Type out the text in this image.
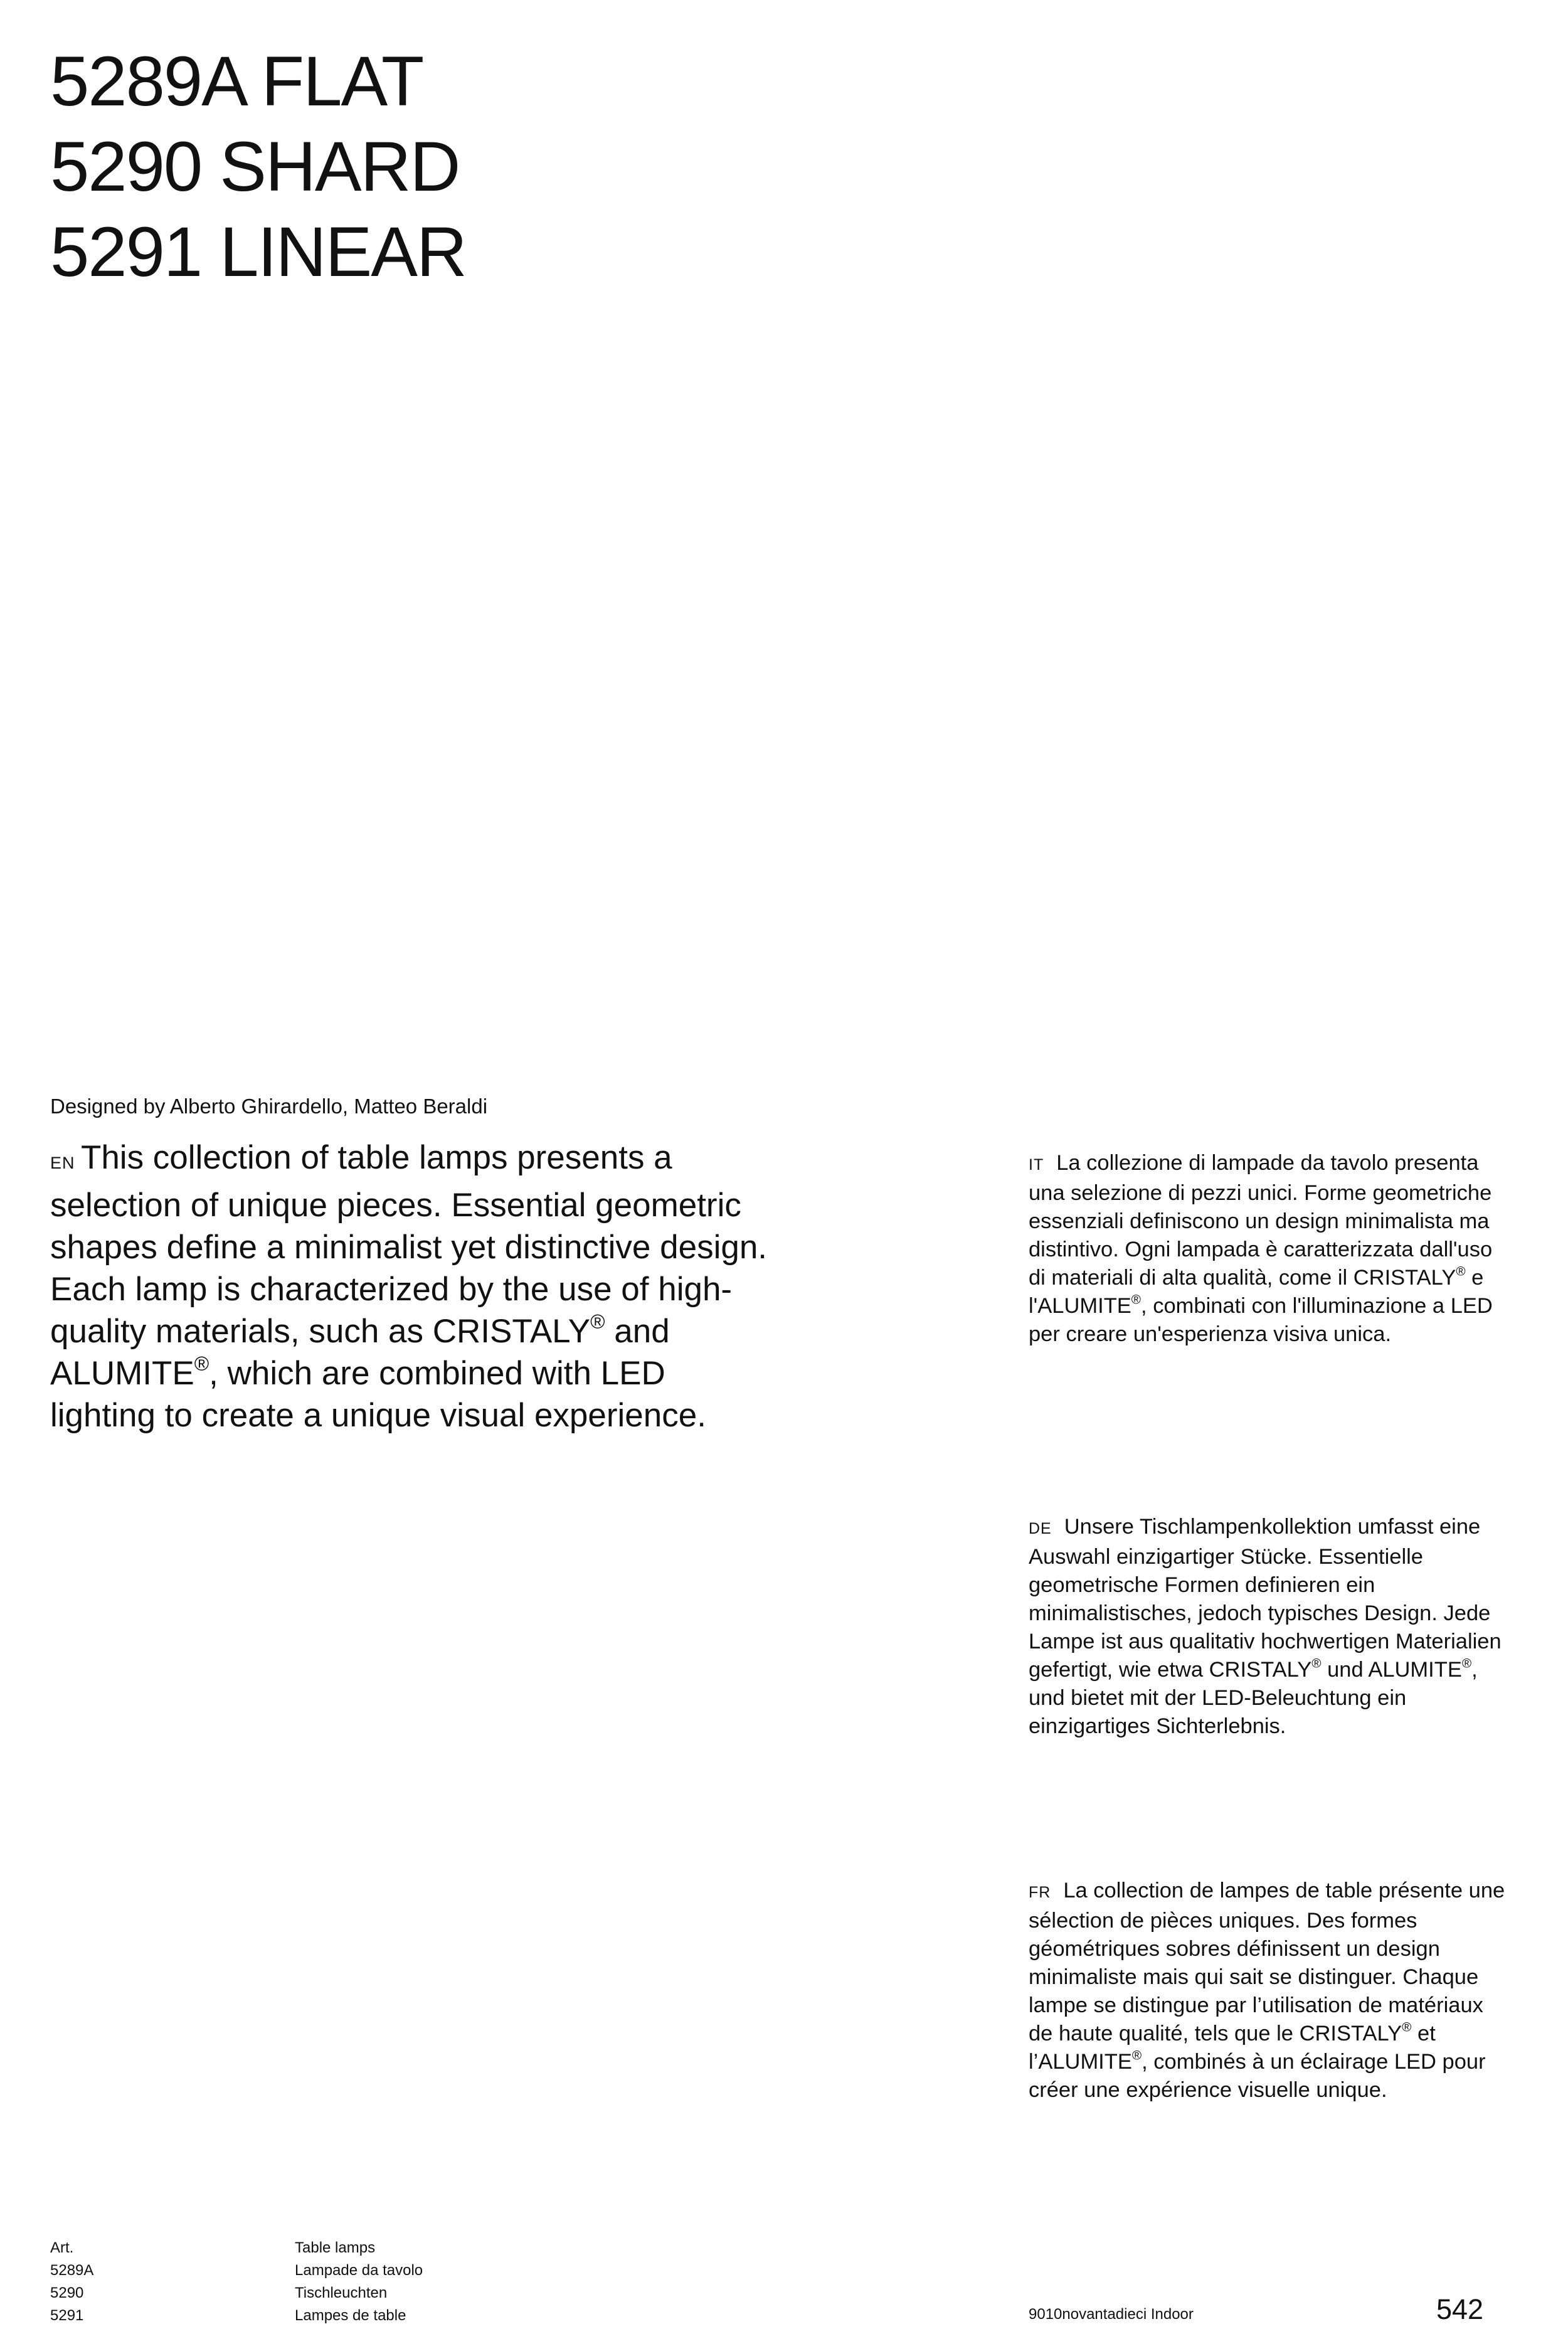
5289A FLAT
5290 SHARD
5291 LINEAR
Designed by Alberto Ghirardello, Matteo Beraldi
EN This collection of table lamps presents a selection of unique pieces. Essential geometric shapes define a minimalist yet distinctive design. Each lamp is characterized by the use of high-quality materials, such as CRISTALY® and ALUMITE®, which are combined with LED lighting to create a unique visual experience.
IT La collezione di lampade da tavolo presenta una selezione di pezzi unici. Forme geometriche essenziali definiscono un design minimalista ma distintivo. Ogni lampada è caratterizzata dall'uso di materiali di alta qualità, come il CRISTALY® e l'ALUMITE®, combinati con l'illuminazione a LED per creare un'esperienza visiva unica.
DE Unsere Tischlampenkollektion umfasst eine Auswahl einzigartiger Stücke. Essentielle geometrische Formen definieren ein minimalistisches, jedoch typisches Design. Jede Lampe ist aus qualitativ hochwertigen Materialien gefertigt, wie etwa CRISTALY® und ALUMITE®, und bietet mit der LED-Beleuchtung ein einzigartiges Sichterlebnis.
FR La collection de lampes de table présente une sélection de pièces uniques. Des formes géométriques sobres définissent un design minimaliste mais qui sait se distinguer. Chaque lampe se distingue par l’utilisation de matériaux de haute qualité, tels que le CRISTALY® et l’ALUMITE®, combinés à un éclairage LED pour créer une expérience visuelle unique.
Art.
5289A
5290
5291
Table lamps
Lampade da tavolo
Tischleuchten
Lampes de table	9010novantadieci Indoor	542
